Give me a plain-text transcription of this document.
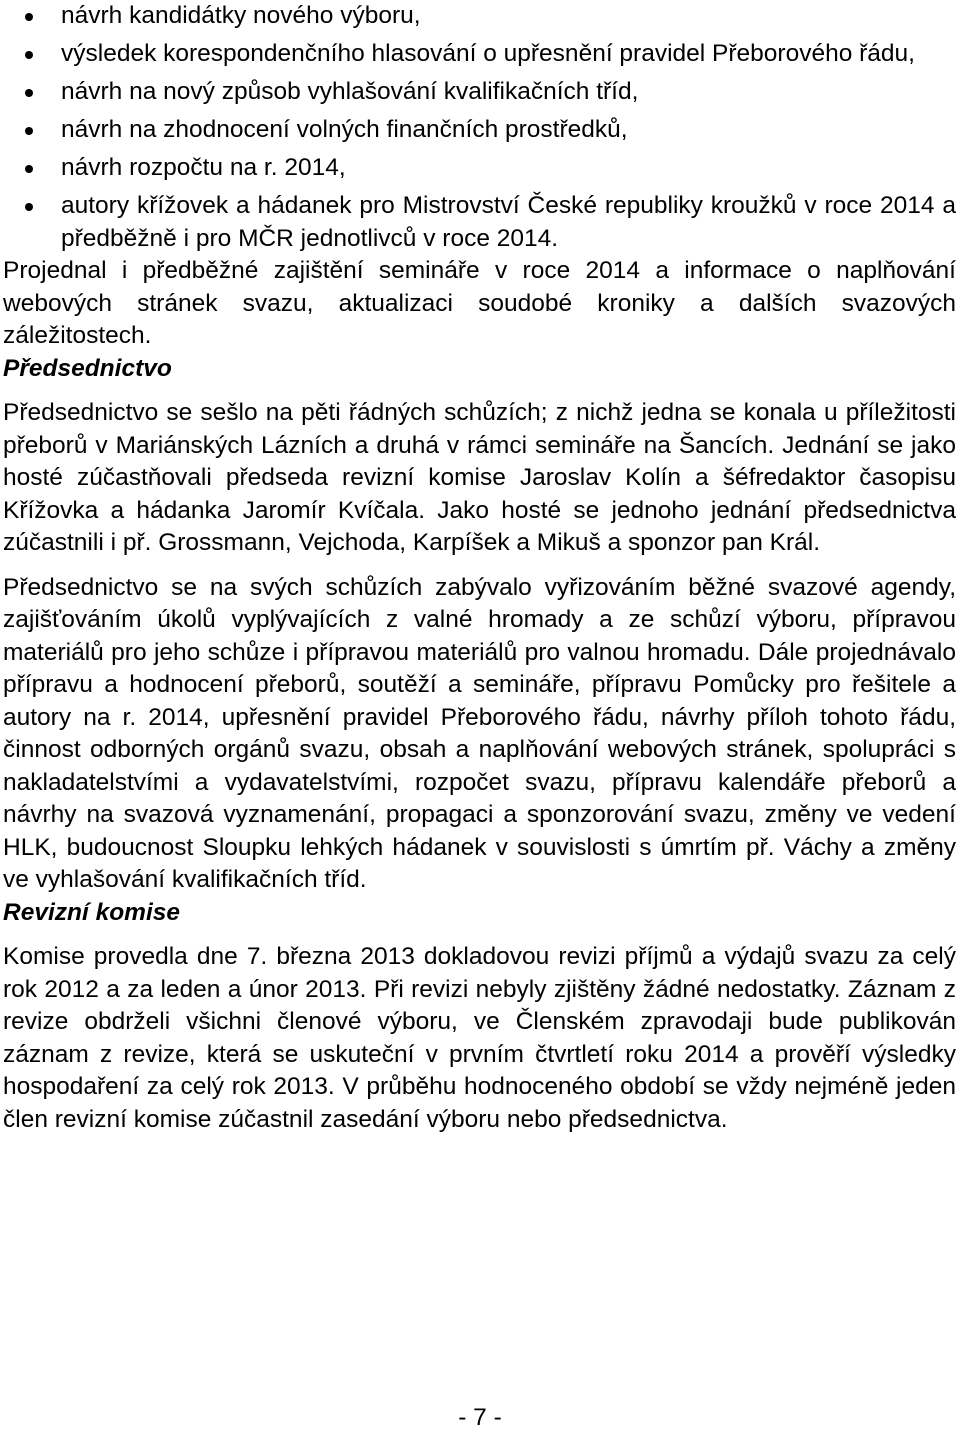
návrh kandidátky nového výboru,
výsledek korespondenčního hlasování o upřesnění pravidel Přeborového řádu,
návrh na nový způsob vyhlašování kvalifikačních tříd,
návrh na zhodnocení volných finančních prostředků,
návrh rozpočtu na r. 2014,
autory křížovek a hádanek pro Mistrovství České republiky kroužků v roce 2014 a předběžně i pro MČR jednotlivců v roce 2014.

Projednal i předběžné zajištění semináře v roce 2014 a informace o naplňování webových stránek svazu, aktualizaci soudobé kroniky a dalších svazových záležitostech.

Předsednictvo

Předsednictvo se sešlo na pěti řádných schůzích; z nichž jedna se konala u příležitosti přeborů v Mariánských Lázních a druhá v rámci semináře na Šancích. Jednání se jako hosté zúčastňovali předseda revizní komise Jaroslav Kolín a šéfredaktor časopisu Křížovka a hádanka Jaromír Kvíčala. Jako hosté se jednoho jednání předsednictva zúčastnili i př. Grossmann, Vejchoda, Karpíšek a Mikuš a sponzor pan Král.

Předsednictvo se na svých schůzích zabývalo vyřizováním běžné svazové agendy, zajišťováním úkolů vyplývajících z valné hromady a ze schůzí výboru, přípravou materiálů pro jeho schůze i přípravou materiálů pro valnou hromadu. Dále projednávalo přípravu a hodnocení přeborů, soutěží a semináře, přípravu Pomůcky pro řešitele a autory na r. 2014, upřesnění pravidel Přeborového řádu, návrhy příloh tohoto řádu, činnost odborných orgánů svazu, obsah a naplňování webových stránek, spolupráci s nakladatelstvími a vydavatelstvími, rozpočet svazu, přípravu kalendáře přeborů a návrhy na svazová vyznamenání, propagaci a sponzorování svazu, změny ve vedení HLK, budoucnost Sloupku lehkých hádanek v souvislosti s úmrtím př. Váchy a změny ve vyhlašování kvalifikačních tříd.

Revizní komise

Komise provedla dne 7. března 2013 dokladovou revizi příjmů a výdajů svazu za celý rok 2012 a za leden a únor 2013. Při revizi nebyly zjištěny žádné nedostatky. Záznam z revize obdrželi všichni členové výboru, ve Členském zpravodaji bude publikován záznam z revize, která se uskuteční v prvním čtvrtletí roku 2014 a prověří výsledky hospodaření za celý rok 2013. V průběhu hodnoceného období se vždy nejméně jeden člen revizní komise zúčastnil zasedání výboru nebo předsednictva.

- 7 -
